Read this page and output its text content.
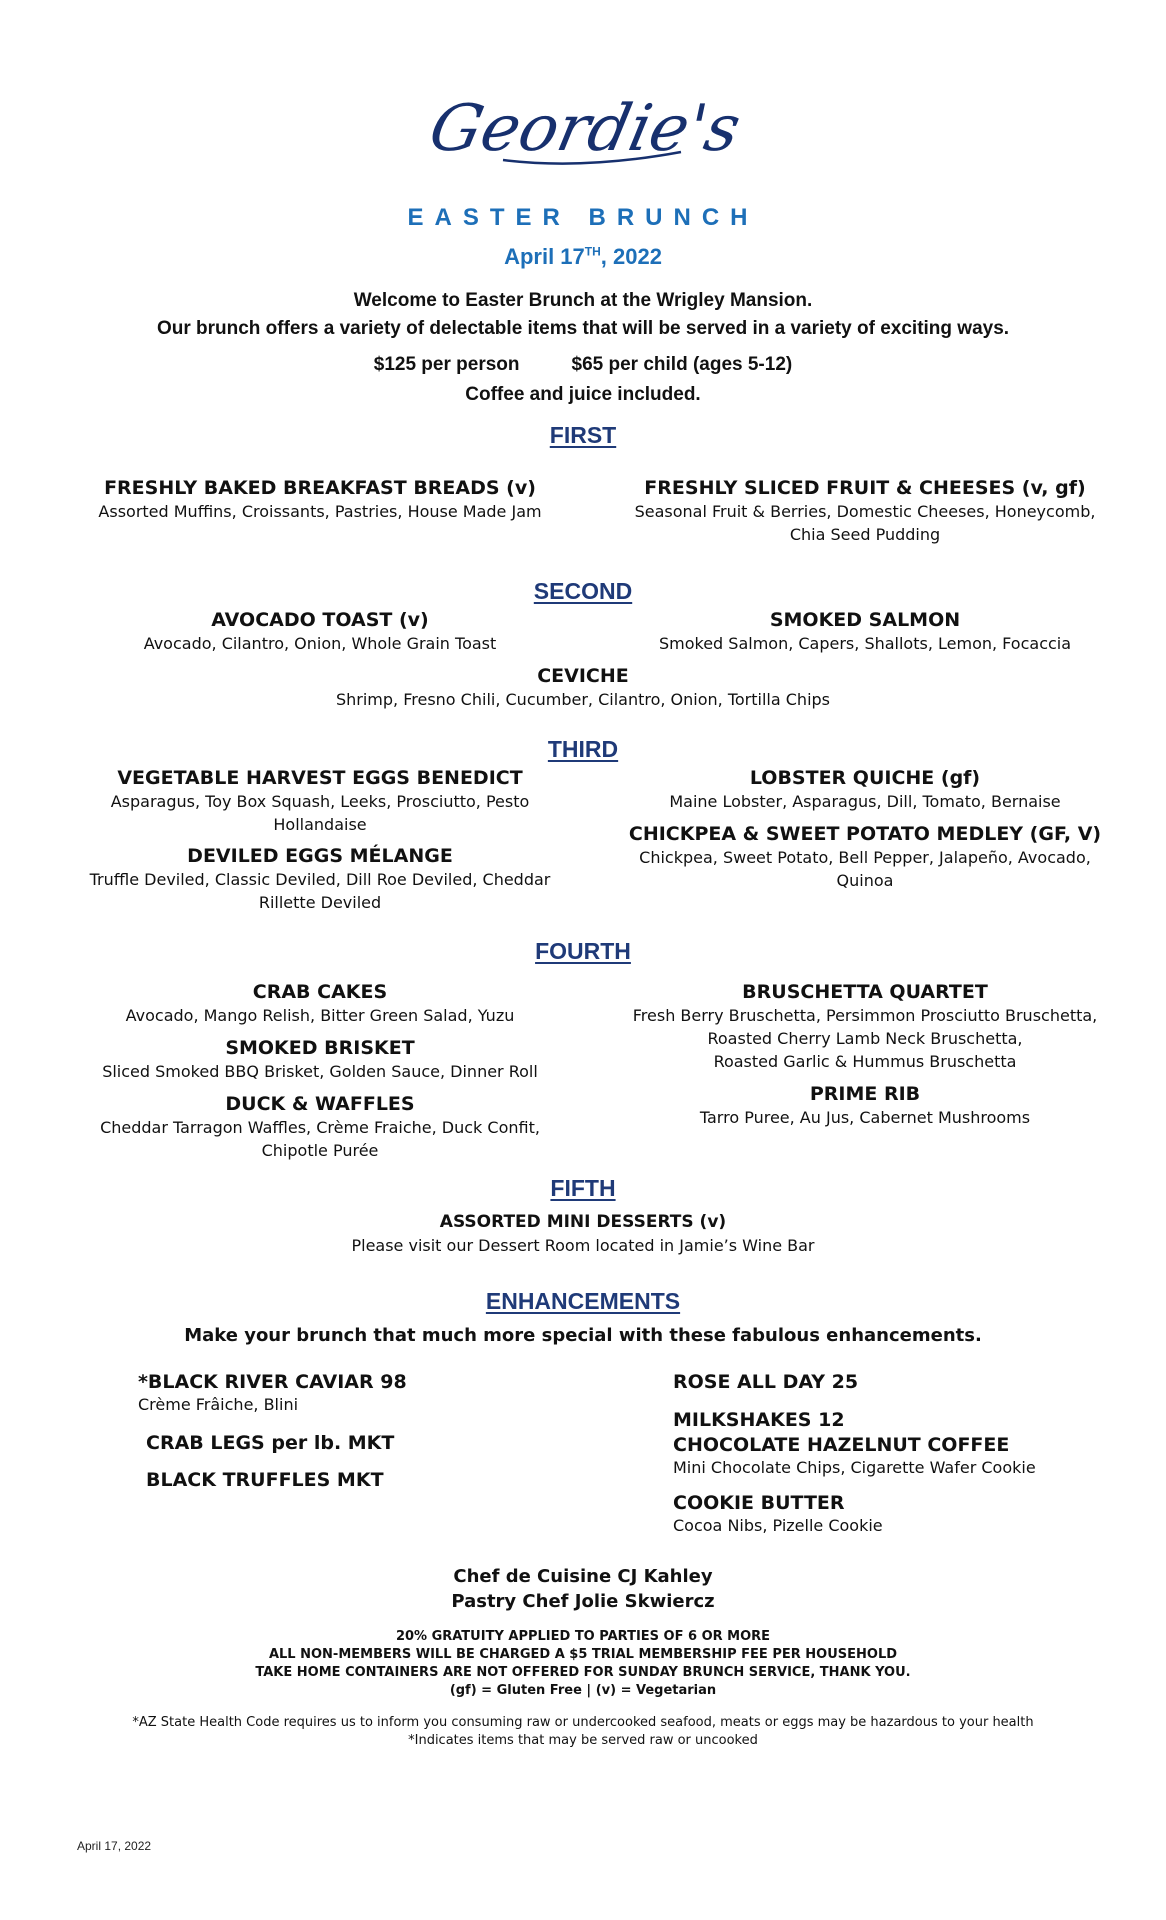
Geordie's
EASTER BRUNCH
April 17TH, 2022
Welcome to Easter Brunch at the Wrigley Mansion.
Our brunch offers a variety of delectable items that will be served in a variety of exciting ways.
$125 per person	$65 per child (ages 5-12)
Coffee and juice included.
FIRST
FRESHLY BAKED BREAKFAST BREADS (v)
Assorted Muffins, Croissants, Pastries, House Made Jam
FRESHLY SLICED FRUIT & CHEESES (v, gf)
Seasonal Fruit & Berries, Domestic Cheeses, Honeycomb,
Chia Seed Pudding
SECOND
AVOCADO TOAST (v)
Avocado, Cilantro, Onion, Whole Grain Toast
SMOKED SALMON
Smoked Salmon, Capers, Shallots, Lemon, Focaccia
CEVICHE
Shrimp, Fresno Chili, Cucumber, Cilantro, Onion, Tortilla Chips
THIRD
VEGETABLE HARVEST EGGS BENEDICT
Asparagus, Toy Box Squash, Leeks, Prosciutto, Pesto
Hollandaise
DEVILED EGGS MÉLANGE
Truffle Deviled, Classic Deviled, Dill Roe Deviled, Cheddar
Rillette Deviled
LOBSTER QUICHE (gf)
Maine Lobster, Asparagus, Dill, Tomato, Bernaise
CHICKPEA & SWEET POTATO MEDLEY (GF, V)
Chickpea, Sweet Potato, Bell Pepper, Jalapeño, Avocado,
Quinoa
FOURTH
CRAB CAKES
Avocado, Mango Relish, Bitter Green Salad, Yuzu
SMOKED BRISKET
Sliced Smoked BBQ Brisket, Golden Sauce, Dinner Roll
DUCK & WAFFLES
Cheddar Tarragon Waffles, Crème Fraiche, Duck Confit,
Chipotle Purée
BRUSCHETTA QUARTET
Fresh Berry Bruschetta, Persimmon Prosciutto Bruschetta,
Roasted Cherry Lamb Neck Bruschetta,
Roasted Garlic & Hummus Bruschetta
PRIME RIB
Tarro Puree, Au Jus, Cabernet Mushrooms
FIFTH
ASSORTED MINI DESSERTS (v)
Please visit our Dessert Room located in Jamie’s Wine Bar
ENHANCEMENTS
Make your brunch that much more special with these fabulous enhancements.
*BLACK RIVER CAVIAR 98
Crème Frâiche, Blini
CRAB LEGS per lb. MKT
BLACK TRUFFLES MKT
ROSE ALL DAY 25
MILKSHAKES 12
CHOCOLATE HAZELNUT COFFEE
Mini Chocolate Chips, Cigarette Wafer Cookie
COOKIE BUTTER
Cocoa Nibs, Pizelle Cookie
Chef de Cuisine CJ Kahley
Pastry Chef Jolie Skwiercz
20% GRATUITY APPLIED TO PARTIES OF 6 OR MORE
ALL NON-MEMBERS WILL BE CHARGED A $5 TRIAL MEMBERSHIP FEE PER HOUSEHOLD
TAKE HOME CONTAINERS ARE NOT OFFERED FOR SUNDAY BRUNCH SERVICE, THANK YOU.
(gf) = Gluten Free | (v) = Vegetarian
*AZ State Health Code requires us to inform you consuming raw or undercooked seafood, meats or eggs may be hazardous to your health
*Indicates items that may be served raw or uncooked
April 17, 2022
